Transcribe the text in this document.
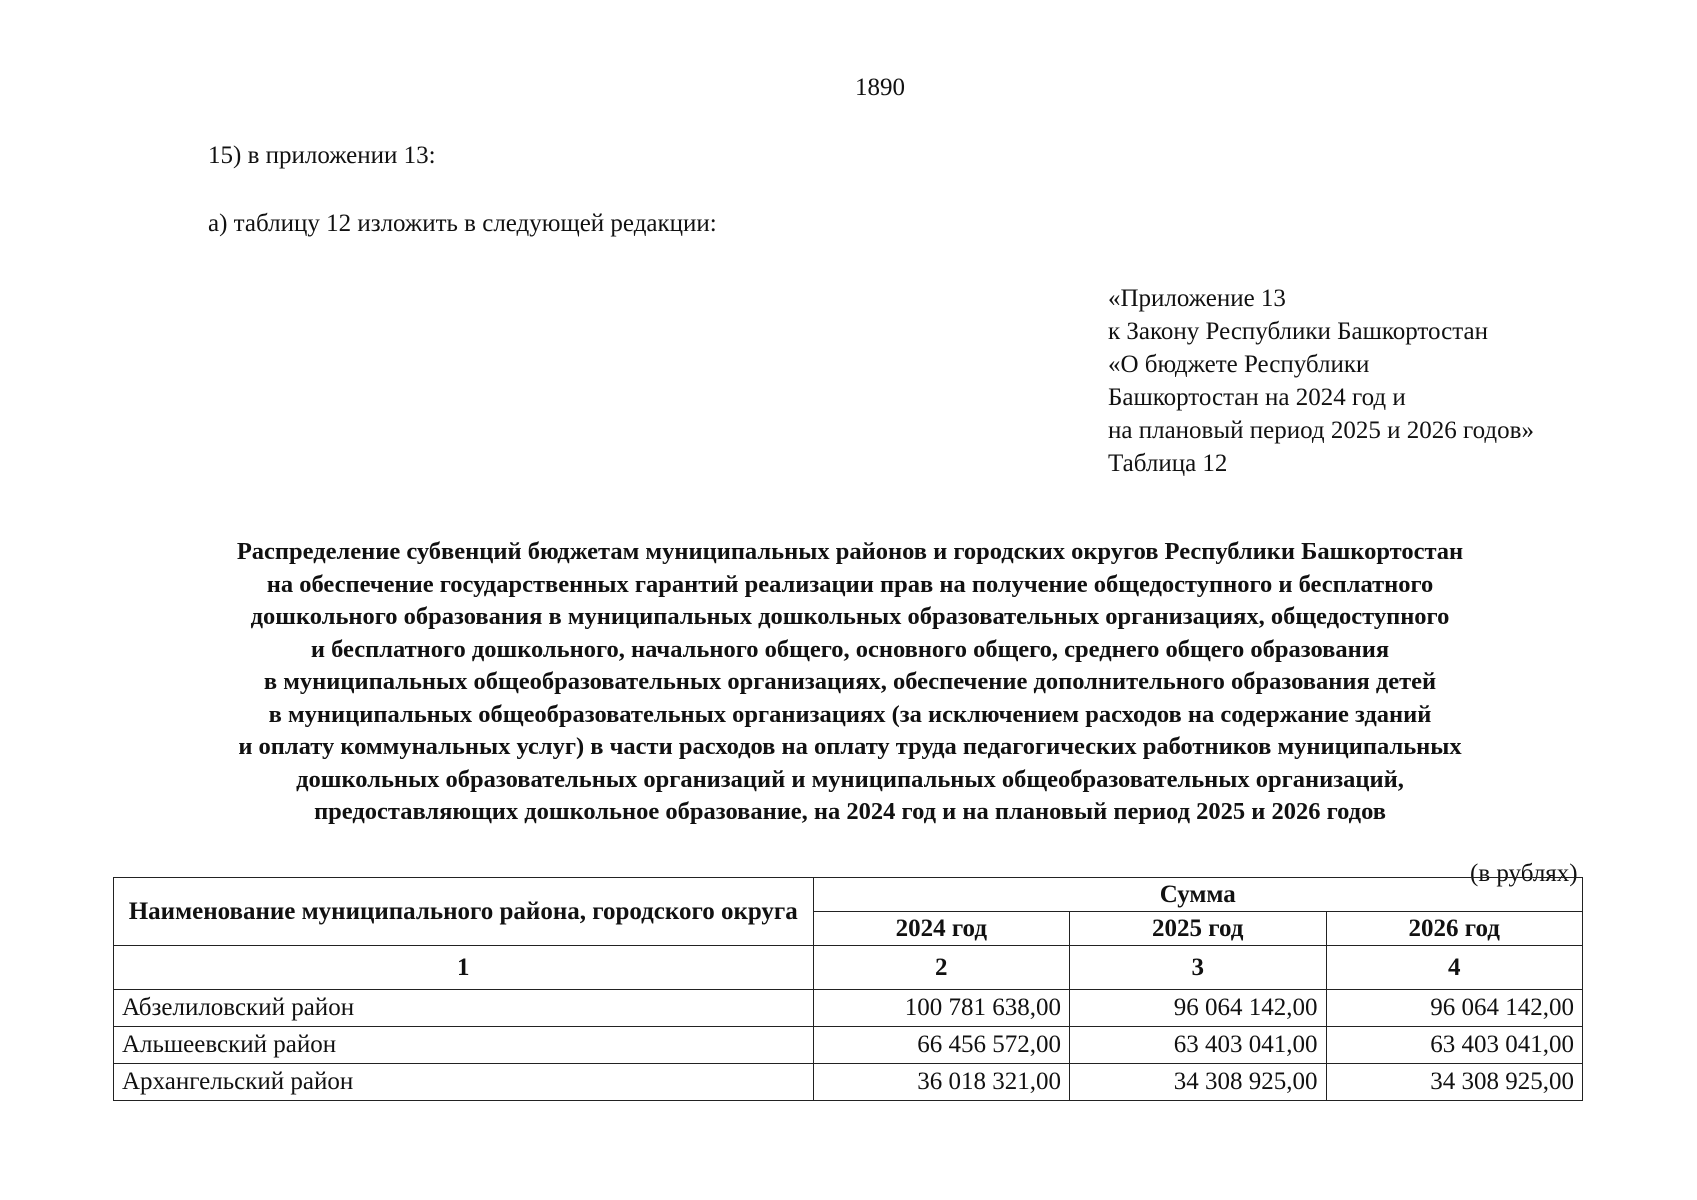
1890
15) в приложении 13:
а) таблицу 12 изложить в следующей редакции:
«Приложение 13
к Закону Республики Башкортостан
«О бюджете Республики
Башкортостан на 2024 год и
на плановый период 2025 и 2026 годов»
Таблица 12
Распределение субвенций бюджетам муниципальных районов и городских округов Республики Башкортостан
на обеспечение государственных гарантий реализации прав на получение общедоступного и бесплатного
дошкольного образования в муниципальных дошкольных образовательных организациях, общедоступного
и бесплатного дошкольного, начального общего, основного общего, среднего общего образования
в муниципальных общеобразовательных организациях, обеспечение дополнительного образования детей
в муниципальных общеобразовательных организациях (за исключением расходов на содержание зданий
и оплату коммунальных услуг) в части расходов на оплату труда педагогических работников муниципальных
дошкольных образовательных организаций и муниципальных общеобразовательных организаций,
предоставляющих дошкольное образование, на 2024 год и на плановый период 2025 и 2026 годов
(в рублях)
Наименование муниципального района, городского округа	Сумма		
	2024 год	2025 год	2026 год
1	2	3	4
Абзелиловский район	100 781 638,00	96 064 142,00	96 064 142,00
Альшеевский район	66 456 572,00	63 403 041,00	63 403 041,00
Архангельский район	36 018 321,00	34 308 925,00	34 308 925,00
